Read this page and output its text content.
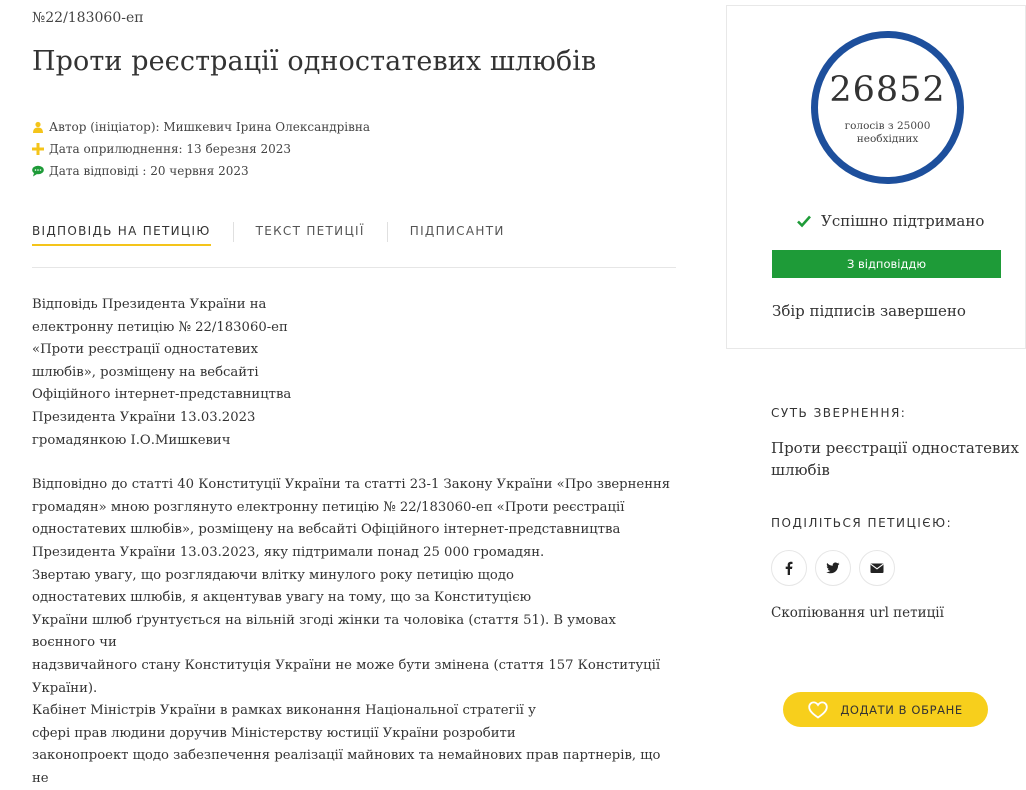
№22/183060-еп
Проти реєстрації одностатевих шлюбів
Автор (ініціатор): Мишкевич Ірина Олександрівна
Дата оприлюднення: 13 березня 2023
Дата відповіді : 20 червня 2023
ВІДПОВІДЬ НА ПЕТИЦІЮ	ТЕКСТ ПЕТИЦІЇ	ПІДПИСАНТИ

Відповідь Президента України на

електронну петицію № 22/183060-еп

«Проти реєстрації одностатевих

шлюбів», розміщену на вебсайті

Офіційного інтернет-представництва

Президента України 13.03.2023

громадянкою І.О.Мишкевич

Відповідно до статті 40 Конституції України та статті 23-1 Закону України «Про звернення

громадян» мною розглянуто електронну петицію № 22/183060-еп «Проти реєстрації

одностатевих шлюбів», розміщену на вебсайті Офіційного інтернет-представництва

Президента України 13.03.2023, яку підтримали понад 25 000 громадян.

Звертаю увагу, що розглядаючи влітку минулого року петицію щодо

одностатевих шлюбів, я акцентував увагу на тому, що за Конституцією

України шлюб ґрунтується на вільній згоді жінки та чоловіка (стаття 51). В умовах воєнного чи

надзвичайного стану Конституція України не може бути змінена (стаття 157 Конституції

України).

Кабінет Міністрів України в рамках виконання Національної стратегії у

сфері прав людини доручив Міністерству юстиції України розробити

законопроект щодо забезпечення реалізації майнових та немайнових прав партнерів, що не

26852
голосів з 25000 необхідних
Успішно підтримано
З відповіддю
Збір підписів завершено
СУТЬ ЗВЕРНЕННЯ:
Проти реєстрації одностатевих шлюбів
ПОДІЛІТЬСЯ ПЕТИЦІЄЮ:
Скопіювання url петиції
ДОДАТИ В ОБРАНЕ
